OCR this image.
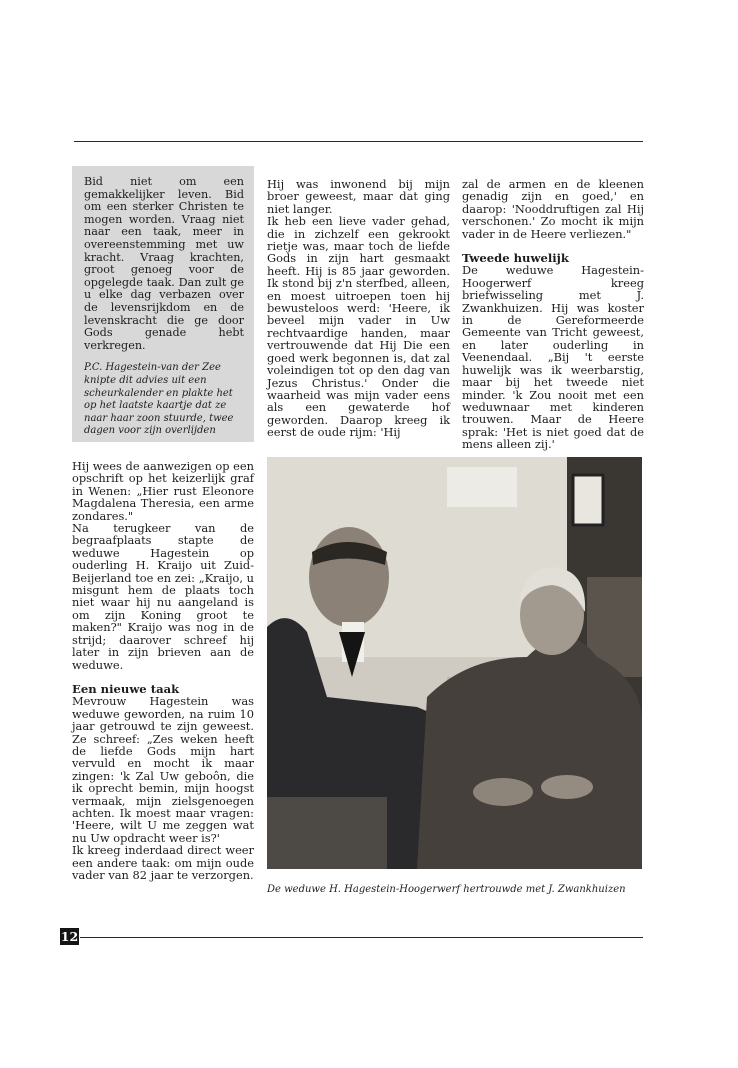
Bid niet om een gemakkelijker leven. Bid om een sterker Christen te mogen worden. Vraag niet naar een taak, meer in overeenstemming met uw kracht. Vraag krachten, groot genoeg voor de opgelegde taak. Dan zult ge u elke dag verbazen over de levensrijkdom en de levenskracht die ge door Gods genade hebt verkregen.

P.C. Hagestein-van der Zee knipte dit advies uit een scheurkalender en plakte het op het laatste kaartje dat ze naar haar zoon stuurde, twee dagen voor zijn overlijden

Hij was inwonend bij mijn broer geweest, maar dat ging niet langer.

Ik heb een lieve vader gehad, die in zichzelf een gekrookt rietje was, maar toch de liefde Gods in zijn hart gesmaakt heeft. Hij is 85 jaar geworden. Ik stond bij z'n sterfbed, alleen, en moest uitroepen toen hij bewusteloos werd: 'Heere, ik beveel mijn vader in Uw rechtvaardige handen, maar vertrouwende dat Hij Die een goed werk begonnen is, dat zal voleindigen tot op den dag van Jezus Christus.' Onder die waarheid was mijn vader eens als een gewaterde hof geworden. Daarop kreeg ik eerst de oude rijm: 'Hij

zal de armen en de kleenen genadig zijn en goed,' en daarop: 'Nooddruftigen zal Hij verschonen.' Zo mocht ik mijn vader in de Heere verliezen."

Tweede huwelijk

De weduwe Hagestein-Hoogerwerf kreeg briefwisseling met J. Zwankhuizen. Hij was koster in de Gereformeerde Gemeente van Tricht geweest, en later ouderling in Veenendaal. „Bij 't eerste huwelijk was ik weerbarstig, maar bij het tweede niet minder. 'k Zou nooit met een weduwnaar met kinderen trouwen. Maar de Heere sprak: 'Het is niet goed dat de mens alleen zij.'

Hij wees de aanwezigen op een opschrift op het keizerlijk graf in Wenen: „Hier rust Eleonore Magdalena Theresia, een arme zondares."

Na terugkeer van de begraafplaats stapte de weduwe Hagestein op ouderling H. Kraijo uit Zuid-Beijerland toe en zei: „Kraijo, u misgunt hem de plaats toch niet waar hij nu aangeland is om zijn Koning groot te maken?" Kraijo was nog in de strijd; daarover schreef hij later in zijn brieven aan de weduwe.

Een nieuwe taak

Mevrouw Hagestein was weduwe geworden, na ruim 10 jaar getrouwd te zijn geweest. Ze schreef: „Zes weken heeft de liefde Gods mijn hart vervuld en mocht ik maar zingen: 'k Zal Uw geboôn, die ik oprecht bemin, mijn hoogst vermaak, mijn zielsgenoegen achten. Ik moest maar vragen: 'Heere, wilt U me zeggen wat nu Uw opdracht weer is?'

Ik kreeg inderdaad direct weer een andere taak: om mijn oude vader van 82 jaar te verzorgen.

De weduwe H. Hagestein-Hoogerwerf hertrouwde met J. Zwankhuizen
12
